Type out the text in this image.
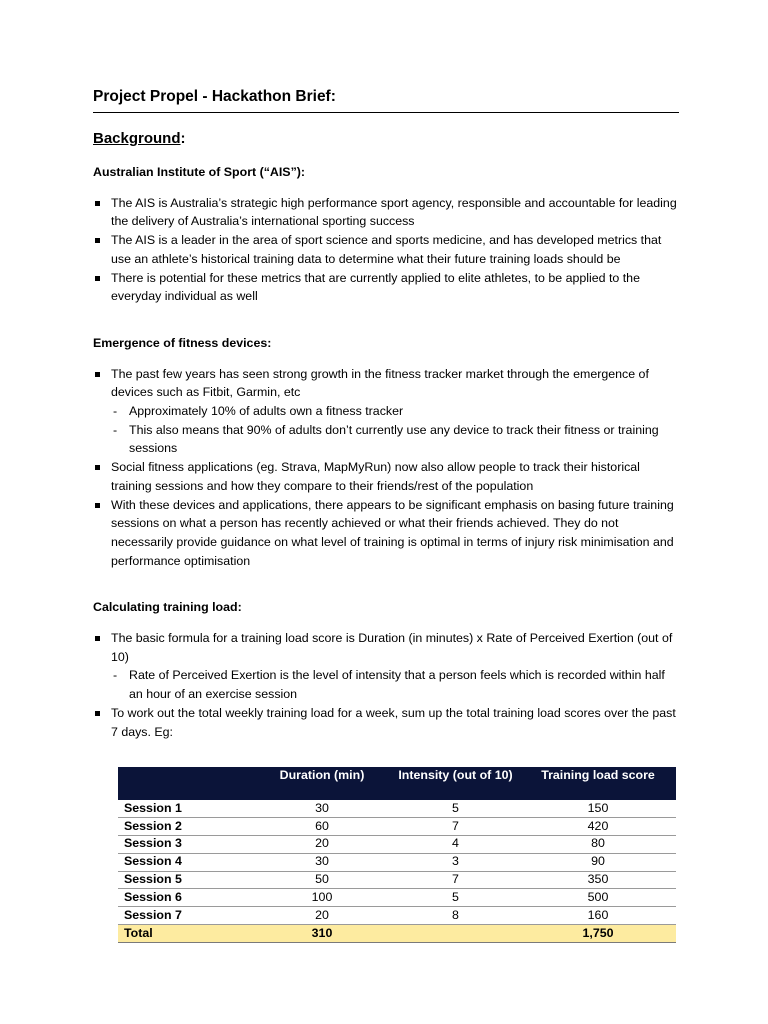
Project Propel - Hackathon Brief:
Background:
Australian Institute of Sport (“AIS”):
The AIS is Australia’s strategic high performance sport agency, responsible and accountable for leading the delivery of Australia’s international sporting success
The AIS is a leader in the area of sport science and sports medicine, and has developed metrics that use an athlete’s historical training data to determine what their future training loads should be
There is potential for these metrics that are currently applied to elite athletes, to be applied to the everyday individual as well
Emergence of fitness devices:
The past few years has seen strong growth in the fitness tracker market through the emergence of devices such as Fitbit, Garmin, etc
- Approximately 10% of adults own a fitness tracker
- This also means that 90% of adults don’t currently use any device to track their fitness or training sessions
Social fitness applications (eg. Strava, MapMyRun) now also allow people to track their historical training sessions and how they compare to their friends/rest of the population
With these devices and applications, there appears to be significant emphasis on basing future training sessions on what a person has recently achieved or what their friends achieved. They do not necessarily provide guidance on what level of training is optimal in terms of injury risk minimisation and performance optimisation
Calculating training load:
The basic formula for a training load score is Duration (in minutes) x Rate of Perceived Exertion (out of 10)
- Rate of Perceived Exertion is the level of intensity that a person feels which is recorded within half an hour of an exercise session
To work out the total weekly training load for a week, sum up the total training load scores over the past 7 days. Eg:
	Duration (min)	Intensity (out of 10)	Training load score
Session 1	30	5	150
Session 2	60	7	420
Session 3	20	4	80
Session 4	30	3	90
Session 5	50	7	350
Session 6	100	5	500
Session 7	20	8	160
Total	310		1,750
